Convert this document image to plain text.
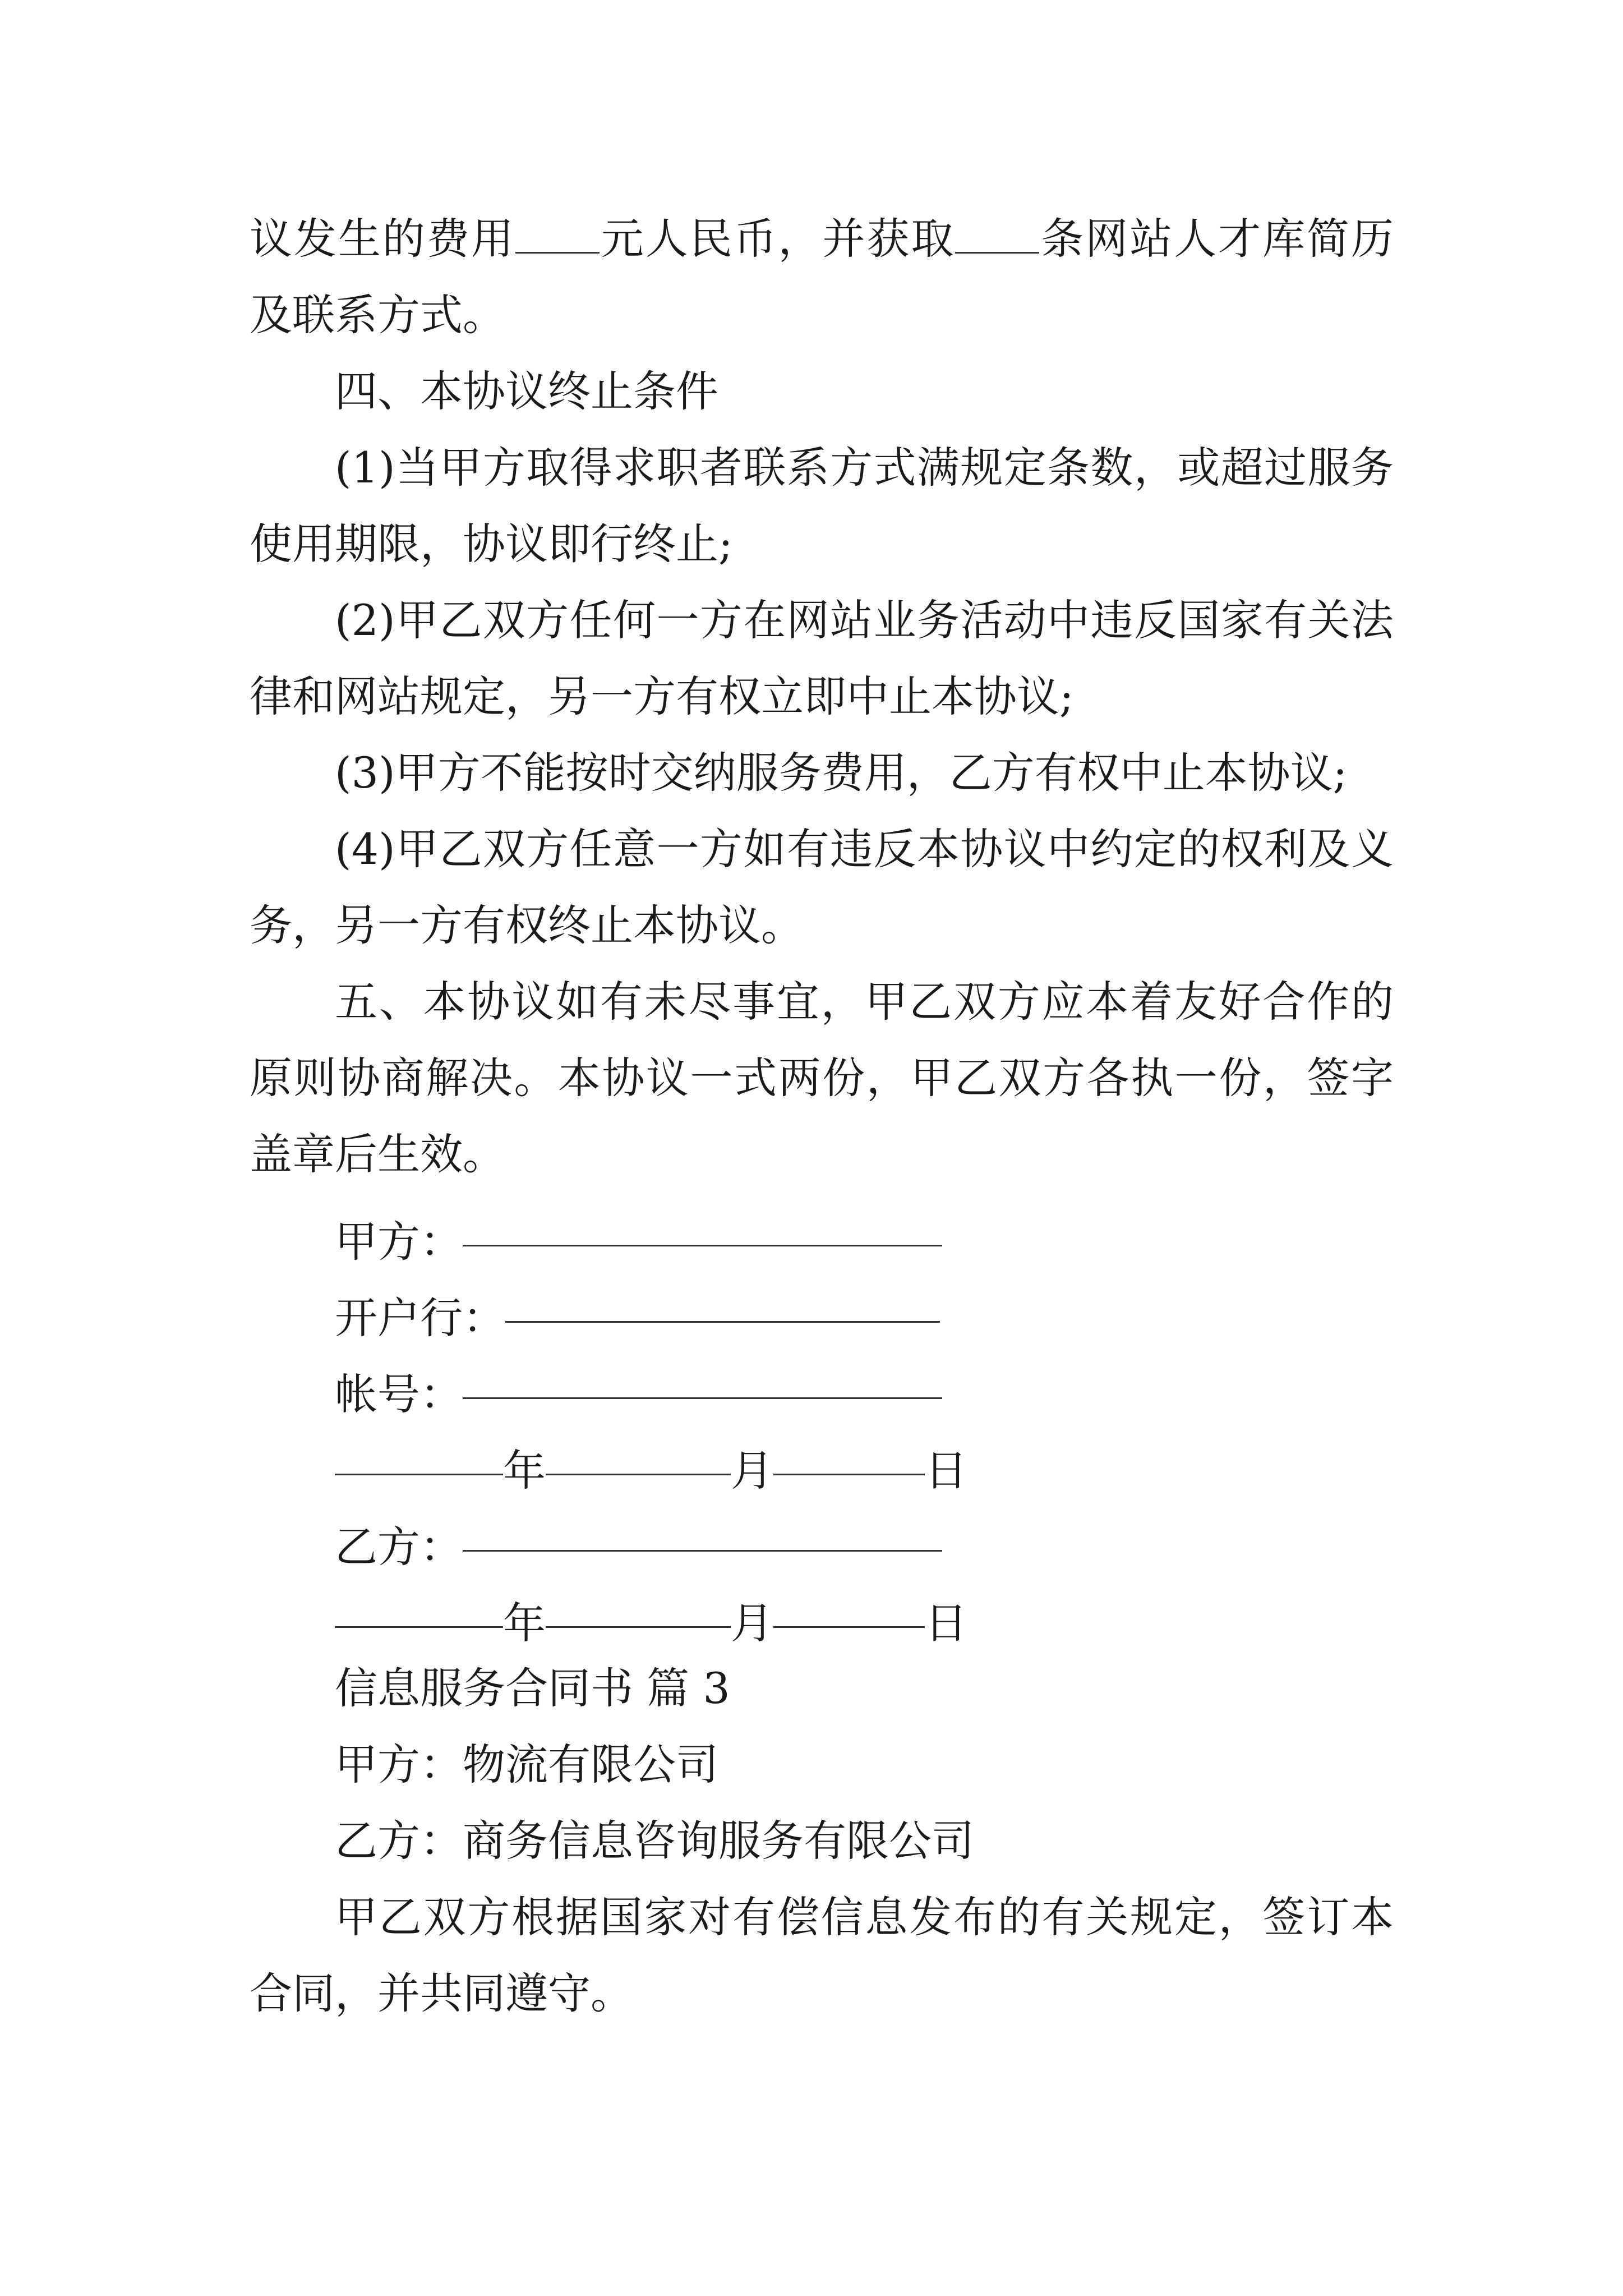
议发生的费用 元人民币，并获取 条网站人才库简历及联系方式。

四、本协议终止条件

(1)当甲方取得求职者联系方式满规定条数，或超过服务使用期限，协议即行终止;

(2)甲乙双方任何一方在网站业务活动中违反国家有关法律和网站规定，另一方有权立即中止本协议;

(3)甲方不能按时交纳服务费用，乙方有权中止本协议;

(4)甲乙双方任意一方如有违反本协议中约定的权利及义务，另一方有权终止本协议。

五、本协议如有未尽事宜，甲乙双方应本着友好合作的原则协商解决。本协议一式两份，甲乙双方各执一份，签字盖章后生效。

甲方：
开户行：
帐号：
年	月	日
乙方：
年	月	日

信息服务合同书 篇 3

甲方：物流有限公司

乙方：商务信息咨询服务有限公司

甲乙双方根据国家对有偿信息发布的有关规定，签订本合同，并共同遵守。
